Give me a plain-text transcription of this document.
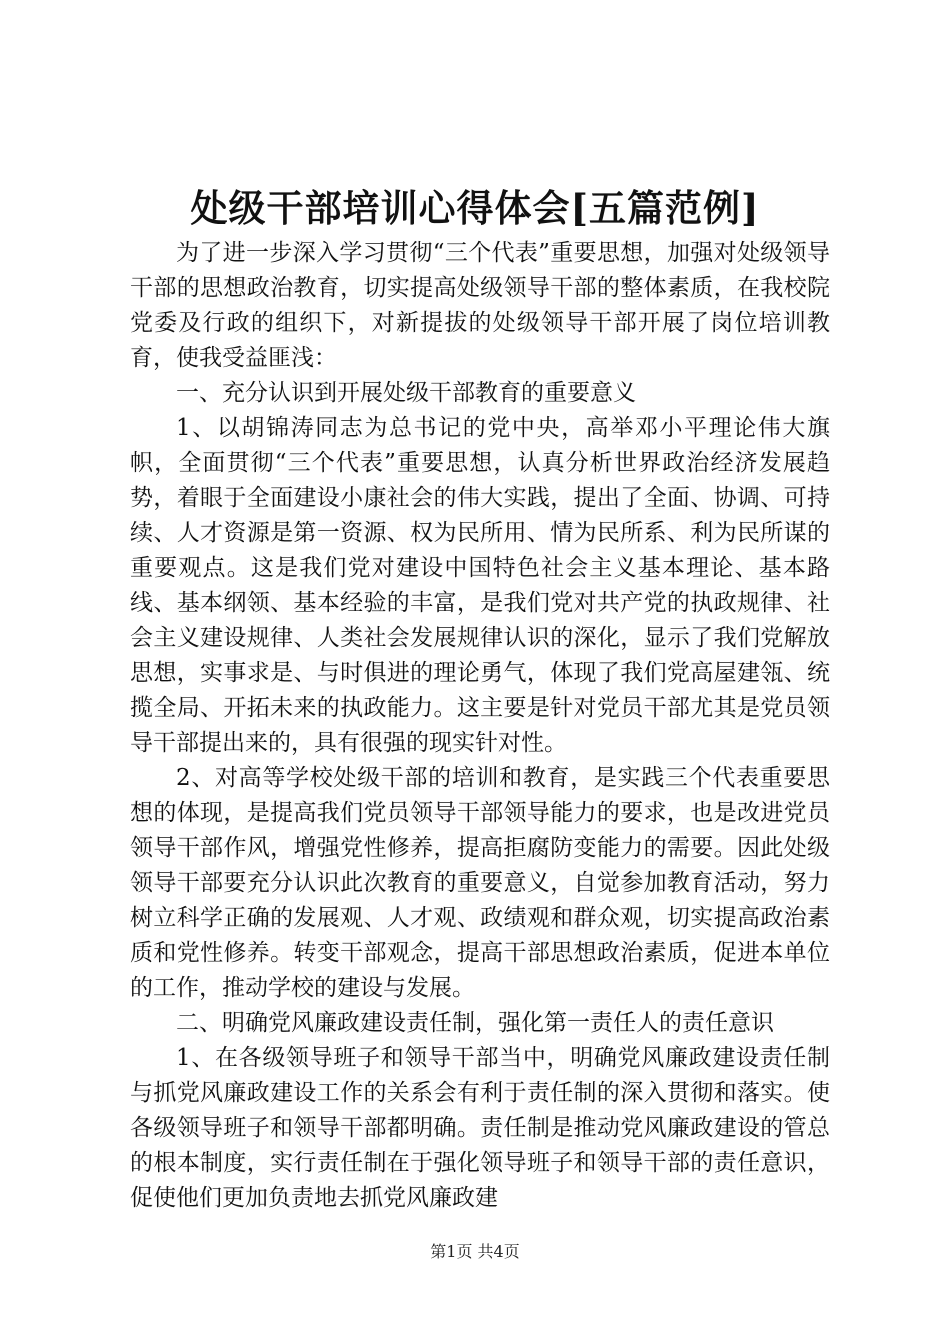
处级干部培训心得体会[五篇范例]

为了进一步深入学习贯彻“三个代表”重要思想，加强对处级领导干部的思想政治教育，切实提高处级领导干部的整体素质，在我校院党委及行政的组织下，对新提拔的处级领导干部开展了岗位培训教育，使我受益匪浅：

一、充分认识到开展处级干部教育的重要意义

1、以胡锦涛同志为总书记的党中央，高举邓小平理论伟大旗帜，全面贯彻“三个代表”重要思想，认真分析世界政治经济发展趋势，着眼于全面建设小康社会的伟大实践，提出了全面、协调、可持续、人才资源是第一资源、权为民所用、情为民所系、利为民所谋的重要观点。这是我们党对建设中国特色社会主义基本理论、基本路线、基本纲领、基本经验的丰富，是我们党对共产党的执政规律、社会主义建设规律、人类社会发展规律认识的深化，显示了我们党解放思想，实事求是、与时俱进的理论勇气，体现了我们党高屋建瓴、统揽全局、开拓未来的执政能力。这主要是针对党员干部尤其是党员领导干部提出来的，具有很强的现实针对性。

2、对高等学校处级干部的培训和教育，是实践三个代表重要思想的体现，是提高我们党员领导干部领导能力的要求，也是改进党员领导干部作风，增强党性修养，提高拒腐防变能力的需要。因此处级领导干部要充分认识此次教育的重要意义，自觉参加教育活动，努力树立科学正确的发展观、人才观、政绩观和群众观，切实提高政治素质和党性修养。转变干部观念，提高干部思想政治素质，促进本单位的工作，推动学校的建设与发展。

二、明确党风廉政建设责任制，强化第一责任人的责任意识

1、在各级领导班子和领导干部当中，明确党风廉政建设责任制与抓党风廉政建设工作的关系会有利于责任制的深入贯彻和落实。使各级领导班子和领导干部都明确。责任制是推动党风廉政建设的管总的根本制度，实行责任制在于强化领导班子和领导干部的责任意识，促使他们更加负责地去抓党风廉政建

第1页 共4页
